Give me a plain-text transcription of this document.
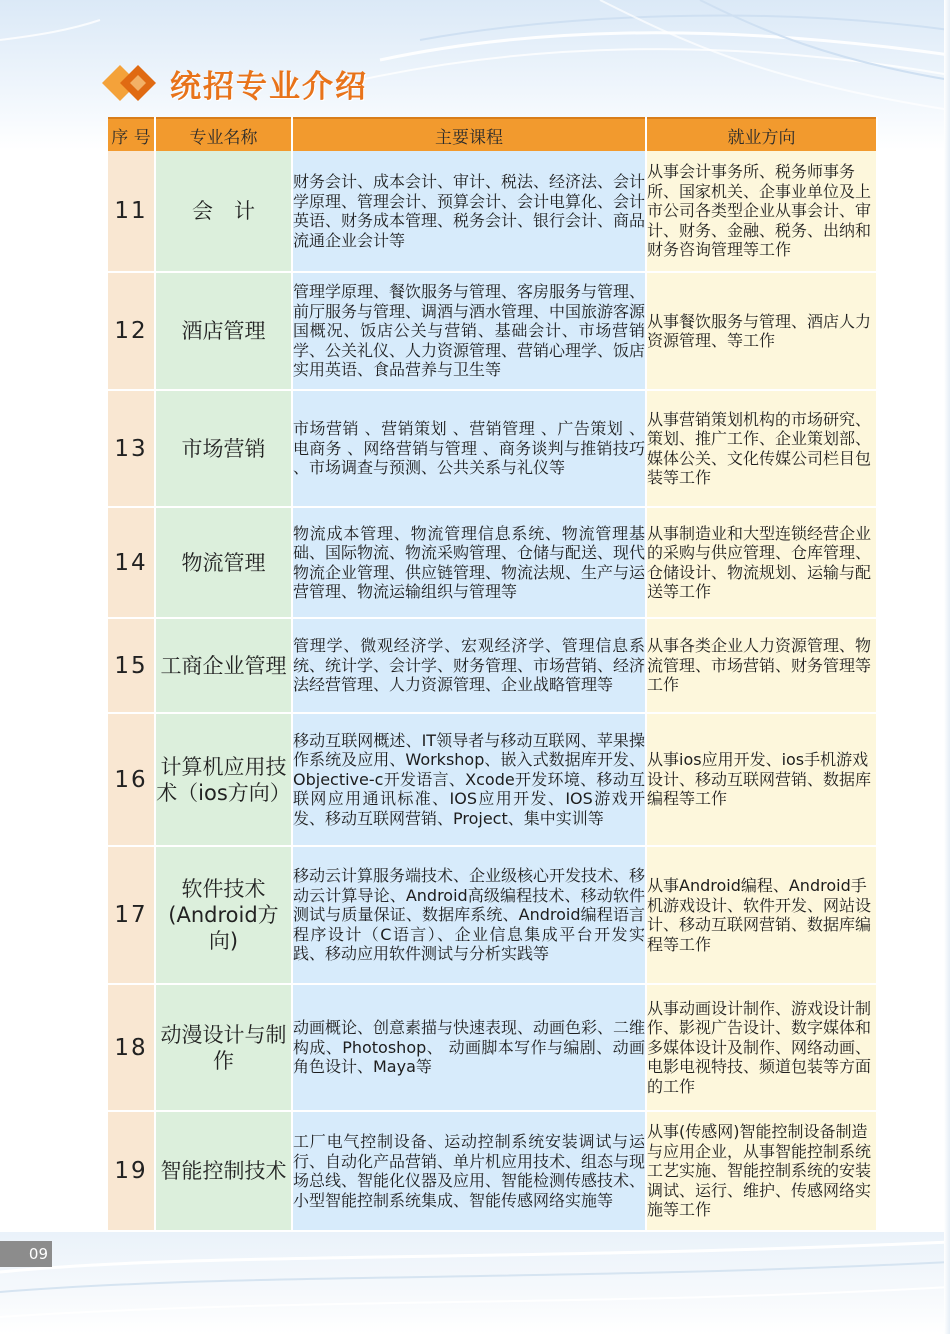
统招专业介绍
序 号	专业名称	主要课程	就业方向
11	会　计	财务会计、成本会计、审计、税法、经济法、会计学原理、管理会计、预算会计、会计电算化、会计英语、财务成本管理、税务会计、银行会计、商品流通企业会计等	从事会计事务所、税务师事务所、国家机关、企事业单位及上市公司各类型企业从事会计、审计、财务、金融、税务、出纳和财务咨询管理等工作
12	酒店管理	管理学原理、餐饮服务与管理、客房服务与管理、前厅服务与管理、调酒与酒水管理、中国旅游客源国概况、饭店公关与营销、基础会计、市场营销学、公关礼仪、人力资源管理、营销心理学、饭店实用英语、食品营养与卫生等	从事餐饮服务与管理、酒店人力资源管理、等工作
13	市场营销	市场营销 、营销策划 、营销管理 、广告策划 、电商务 、网络营销与管理 、商务谈判与推销技巧 、市场调查与预测、公共关系与礼仪等	从事营销策划机构的市场研究、策划、推广工作、企业策划部、媒体公关、文化传媒公司栏目包装等工作
14	物流管理	物流成本管理、物流管理信息系统、物流管理基础、国际物流、物流采购管理、仓储与配送、现代物流企业管理、供应链管理、物流法规、生产与运营管理、物流运输组织与管理等	从事制造业和大型连锁经营企业的采购与供应管理、仓库管理、仓储设计、物流规划、运输与配送等工作
15	工商企业管理	管理学、微观经济学、宏观经济学、管理信息系统、统计学、会计学、财务管理、市场营销、经济法经营管理、人力资源管理、企业战略管理等	从事各类企业人力资源管理、物流管理、市场营销、财务管理等工作
16	计算机应用技术（ios方向）	移动互联网概述、IT领导者与移动互联网、苹果操作系统及应用、Workshop、嵌入式数据库开发、Objective-c开发语言、Xcode开发环境、移动互联网应用通讯标准、IOS应用开发、IOS游戏开发、移动互联网营销、Project、集中实训等	从事ios应用开发、ios手机游戏设计、移动互联网营销、数据库编程等工作
17	软件技术(Android方向)	移动云计算服务端技术、企业级核心开发技术、移动云计算导论、Android高级编程技术、移动软件测试与质量保证、数据库系统、Android编程语言程序设计（C语言）、企业信息集成平台开发实践、移动应用软件测试与分析实践等	从事Android编程、Android手机游戏设计、软件开发、网站设计、移动互联网营销、数据库编程等工作
18	动漫设计与制作	动画概论、创意素描与快速表现、动画色彩、二维构成、Photoshop、 动画脚本写作与编剧、动画角色设计、Maya等	从事动画设计制作、游戏设计制作、影视广告设计、数字媒体和多媒体设计及制作、网络动画、电影电视特技、频道包装等方面的工作
19	智能控制技术	工厂电气控制设备、运动控制系统安装调试与运行、自动化产品营销、单片机应用技术、组态与现场总线、智能化仪器及应用、智能检测传感技术、小型智能控制系统集成、智能传感网络实施等	从事(传感网)智能控制设备制造与应用企业，从事智能控制系统工艺实施、智能控制系统的安装调试、运行、维护、传感网络实施等工作
09
